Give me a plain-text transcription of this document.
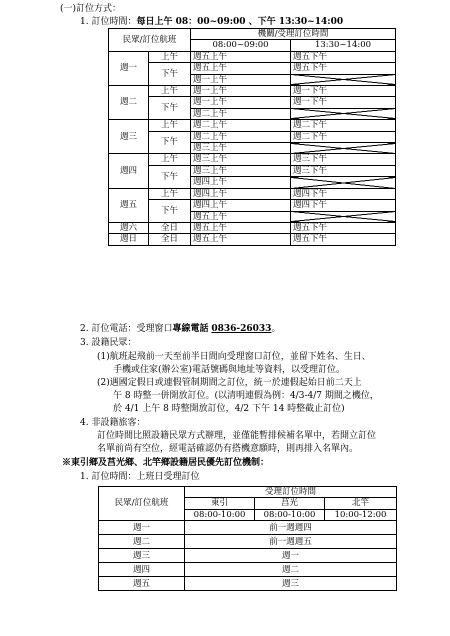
(一)訂位方式：
1. 訂位時間：每日上午 08：00~09:00 、下午 13:30~14:00
民眾/訂位航班		機關/受理訂位時間	
		08:00~09:00	13:30~14:00
週一	上午	週五上午	週五下午
	下午	週五上午	週五下午
		週一上午	
週二	上午	週一上午	週一下午
	下午	週一上午	週一下午
		週二上午	
週三	上午	週二上午	週二下午
	下午	週二上午	週二下午
		週三上午	
週四	上午	週三上午	週三下午
	下午	週三上午	週三下午
		週四上午	
週五	上午	週四上午	週四下午
	下午	週四上午	週四下午
		週五上午	
週六	全日	週五上午	週五下午
週日	全日	週五上午	週五下午
2. 訂位電話：受理窗口專線電話 0836-26033。
3. 設籍民眾：
(1)航班起飛前一天至前半日間向受理窗口訂位，並留下姓名、生日、
手機或住家(辦公室)電話號碼與地址等資料，以受理訂位。
(2)遇國定假日或連假管制期間之訂位，統一於連假起始日前二天上
午 8 時整一併開放訂位。(以清明連假為例：4/3-4/7 期間之機位，
於 4/1 上午 8 時整開放訂位，4/2 下午 14 時整截止訂位)
4. 非設籍旅客：
訂位時間比照設籍民眾方式辦理，並僅能暫排候補名單中，若開立訂位
名單前尚有空位，經電話確認仍有搭機意願時，則再排入名單內。
※東引鄉及莒光鄉、北竿鄉設籍居民優先訂位機制：
1. 訂位時間：上班日受理訂位
民眾/訂位航班	受理訂位時間		
	東引	莒光	北竿
	08:00-10:00	08:00-10:00	10:00-12:00
週一	前一週週四		
週二	前一週週五		
週三	週一		
週四	週二		
週五	週三		
